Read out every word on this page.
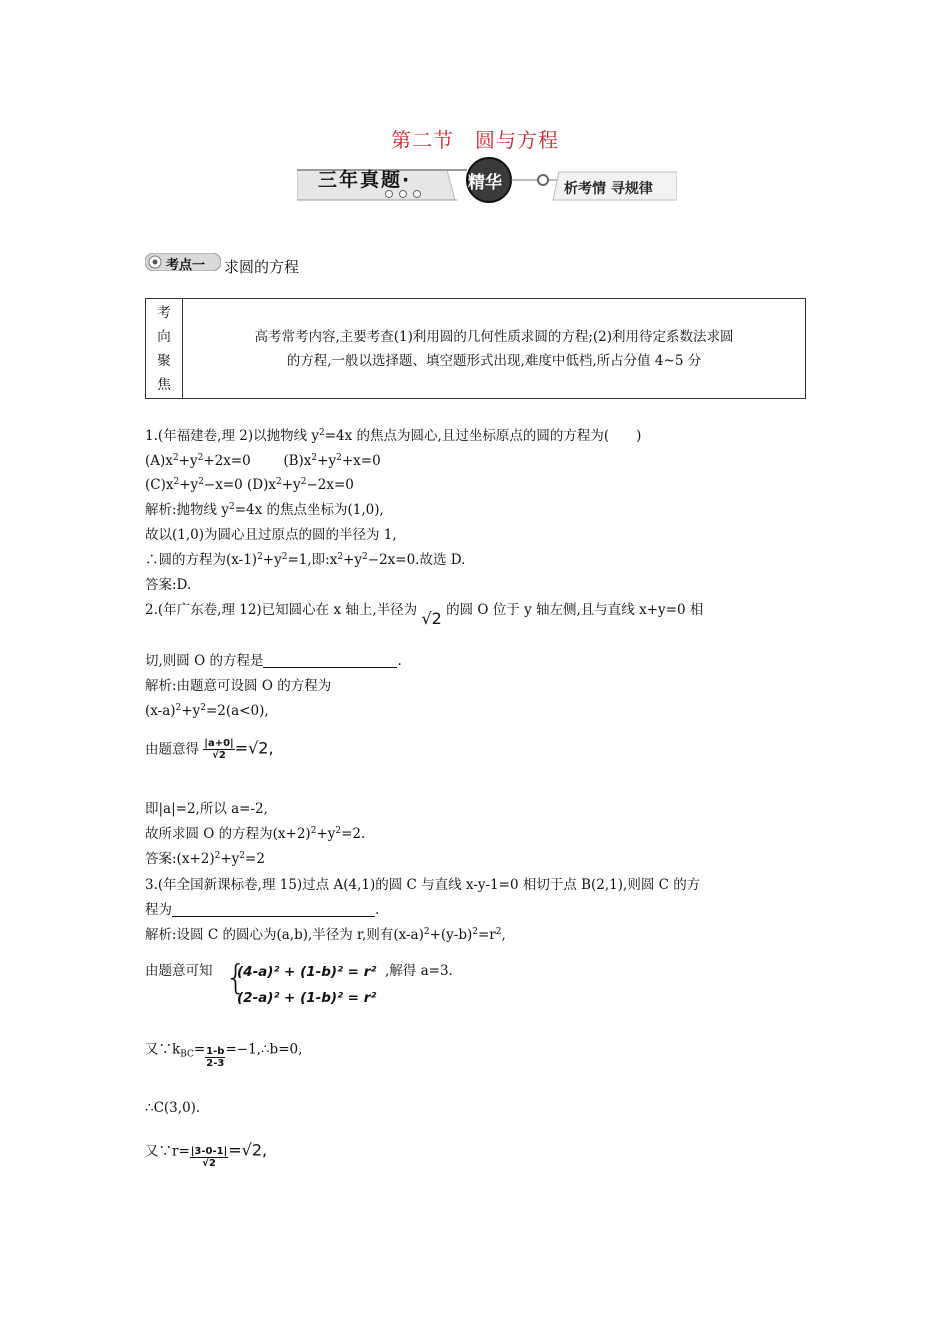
第二节　圆与方程
三年真题·	精华	析考情 寻规律
考点一 求圆的方程
考
向
聚
焦

高考常考内容,主要考查(1)利用圆的几何性质求圆的方程;(2)利用待定系数法求圆
的方程,一般以选择题、填空题形式出现,难度中低档,所占分值 4~5 分
1.(年福建卷,理 2)以抛物线 $y^2=4x$ 的焦点为圆心,且过坐标原点的圆的方程为(　　)
$(A)x^2+y^2+2x=0$ $(B)x^2+y^2+x=0$
$(C)x^2+y^2-x=0$ $(D)x^2+y^2-2x=0$
解析:抛物线 $y^2=4x$ 的焦点坐标为(1,0),
故以(1,0)为圆心且过原点的圆的半径为 1,
∴圆的方程为$(x-1)^2+y^2=1$,即$:x^2+y^2-2x=0$.故选 D.
答案:D.
2.(年广东卷,理 12)已知圆心在 x 轴上,半径为 √2 的圆 O 位于 y 轴左侧,且与直线 x+y=0 相
切,则圆 O 的方程是	.
解析:由题意可设圆 O 的方程为
$(x-a)^2+y^2=2(a<0)$,
由题意得 $\frac{|a+0|}{√2} =√2$,
即|a|=2,所以 a=-2,
故所求圆 O 的方程为$(x+2)^2+y^2=2$.
答案$:(x+2)^2+y^2=2$
3.(年全国新课标卷,理 15)过点 A(4,1)的圆 C 与直线 x-y-1=0 相切于点 B(2,1),则圆 C 的方
程为	.
解析:设圆 C 的圆心为(a,b),半径为 r,则有$(x-a)^2+(y-b)^2=r^2$,
由题意可知 {
(4-a)² + (1-b)² = r²
(2-a)² + (1-b)² = r²
,解得 a=3.
又$\because k_{BC}= \frac{1-b}{2-3}$ =−1,∴b=0,
∴C(3,0).
又∵r= $\frac{|3-0-1|}{√2} =√2$,
